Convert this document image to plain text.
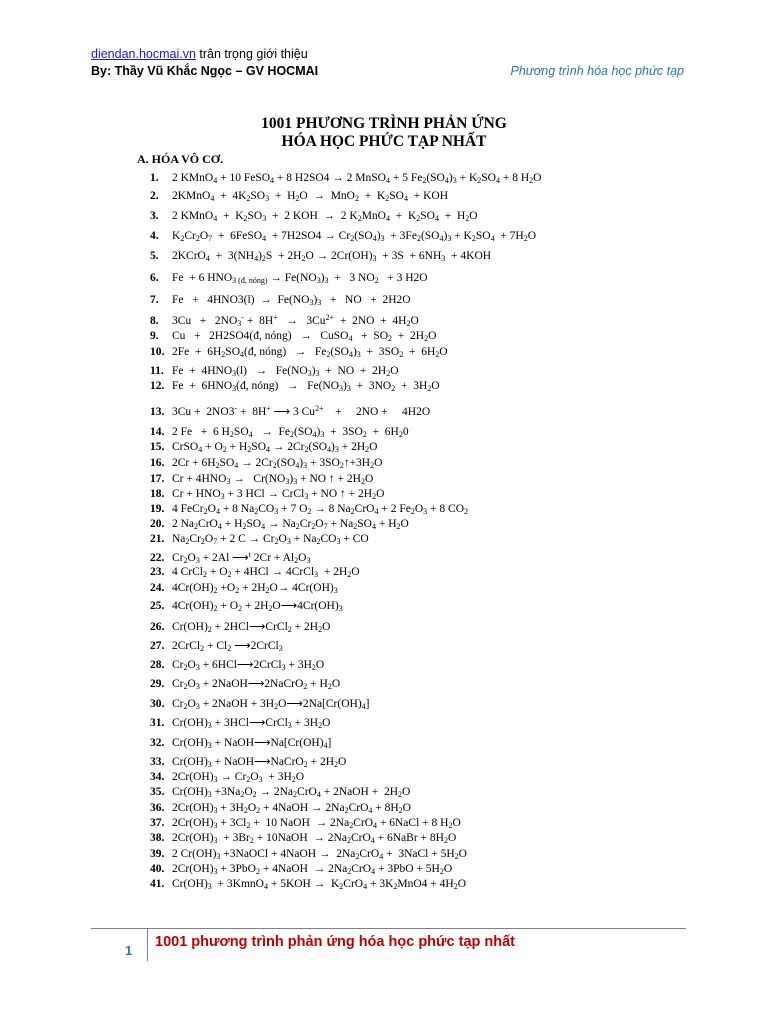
diendan.hocmai.vn trân trọng giới thiệu
By: Thầy Vũ Khắc Ngọc – GV HOCMAI	Phương trình hóa học phức tạp
1001 PHƯƠNG TRÌNH PHẢN ỨNG
HÓA HỌC PHỨC TẠP NHẤT
A. HÓA VÔ CƠ.
1. 2 KMnO$_4$ + 10 FeSO$_4$ + 8 H2SO4 → 2 MnSO$_4$ + 5 $Fe_2(SO_4)_3 + K_2SO_4 + 8$ $H_2O$
2. 2KMnO$_4$  +  $4K_2SO_3 + H_2O \to MnO_2 + K_2SO_4$  + KOH
3. 2 KMnO$_4$  +  $K_2SO_3 + 2$ KOH  →  2 $K_2MnO_4 + K_2SO_4 + H_2O$
4. $K_2Cr_2O_7$  +  6FeSO$_4$  + $7H2SO4 \to Cr_2(SO_4)_3 + 3Fe_2(SO_4)_3 + K_2SO_4 + 7H_2O$
5. 2KCrO$_4$  +  $3(NH_4)_2S + 2H_2O \to 2Cr(OH)_3 + 3S + 6NH_3 + 4KOH$
6. Fe  + 6 $HNO_{3 (đ, nóng)} \to Fe(NO_3)_3 + 3$ $NO_2 + 3$ H2O
7. $Fe + 4HNO3(l) \to Fe(NO_3)_3$   +   NO   +  2H2O
8. $3Cu + 2NO_3^- + 8H^+ \to 3Cu^{2+} + 2NO + 4H_2O$
9. Cu   +   2H2SO4(đ, nóng)   →   CuSO$_4$   +  $SO_2 + 2H_2O$
10. $2Fe + 6H_2SO_4(đ$, nóng)   →   $Fe_2(SO_4)_3 + 3SO_2 + 6H_2O$
11. $Fe + 4HNO_3(l) \to Fe(NO_3)_3$  +  NO  +  $2H_2O$
12. $Fe + 6HNO_3(đ$, nóng)   →   $Fe(NO_3)_3 + 3NO_2 + 3H_2O$
13. 3Cu +  2NO3- +  8H+ ⟶ 3 $Cu^{2+}$    +     2NO +     4H2O
14. 2 Fe   +  6 $H_2SO_4 \to Fe_2(SO_4)_3 + 3SO_2 + 6H_20$
15. CrSO$_4$ + $O_2 + H_2SO_4 \to 2Cr_2(SO_4)_3 + 2H_2O$
16. $2Cr + 6H_2SO_4 \to 2Cr_2(SO_4)_3$ + $3SO_2↑+3H_2O$
17. $Cr + 4HNO_3 \to Cr(NO_3)_3$ + NO ↑ + $2H_2O$
18. $Cr + HNO_3 + 3$ HCl → CrCl$_3$ + NO ↑ + $2H_2O$
19. 4 $FeCr_2O_4 + 8$ $Na_2CO_3 + 7$ $O_2 \to 8$ $Na_2CrO_4 + 2$ $Fe_2O_3 + 8$ $CO_2$
20. 2 $Na_2CrO_4 + H_2SO_4 \to Na_2Cr_2O_7 + Na_2SO_4 + H_2O$
21. $Na_2Cr_2O_7 + 2$ $C \to Cr_2O_3 + Na_2CO_3$ + CO
22. $Cr_2O_3 + 2Al$ ⟶$^t$ $2Cr + Al_2O_3$
23. 4 CrCl$_2$ + $O_2 + 4HCl$ → 4CrCl$_3$  + $2H_2O$
24. $4Cr(OH)_2 +O_2 + 2H_2O\to 4Cr(OH)_3$
25. $4Cr(OH)_2 + O_2$ + $2H_2O⟶4Cr(OH)_3$
26. $Cr(OH)_2$ + 2HCl⟶CrCl$_2$ + $2H_2O$
27. 2CrCl$_2$ + $Cl_2$ ⟶2CrCl$_3$
28. $Cr_2O_3$ + 6HCl⟶2CrCl$_3$ + $3H_2O$
29. $Cr_2O_3$ + 2NaOH⟶2NaCrO$_2$ + $H_2O$
30. $Cr_2O_3$ + 2NaOH + $3H_2O⟶2Na[Cr(OH)_4]$
31. $Cr(OH)_3$ + 3HCl⟶CrCl$_3$ + $3H_2O$
32. $Cr(OH)_3$ + $NaOH⟶Na[Cr(OH)_4]$
33. $Cr(OH)_3$ + NaOH⟶NaCrO$_2$ + $2H_2O$
34. $2Cr(OH)_3 \to Cr_2O_3 + 3H_2O$
35. $Cr(OH)_3 +3Na_2O_2 \to 2Na_2CrO_4$ + 2NaOH +  $2H_2O$
36. $2Cr(OH)_3 + 3H_2O_2$ + 4NaOH → $2Na_2CrO_4 + 8H_2O$
37. $2Cr(OH)_3 + 3Cl_2 + 10$ NaOH  → $2Na_2CrO_4$ + 6NaCl + 8 $H_2O$
38. $2Cr(OH)_3 + 3Br_2$ + 10NaOH  → $2Na_2CrO_4$ + 6NaBr + $8H_2O$
39. 2 $Cr(OH)_3$ +3NaOCl + 4NaOH →  $2Na_2CrO_4$ +  3NaCl + $5H_2O$
40. $2Cr(OH)_3 + 3PbO_2$ + 4NaOH  → $2Na_2CrO_4 + 3PbO + 5H_2O$
41. $Cr(OH)_3$  + 3KmnO$_4$ + $5KOH \to K_2CrO_4 + 3K_2MnO4 + 4H_2O$
1
1001 phương trình phản ứng hóa học phức tạp nhất
